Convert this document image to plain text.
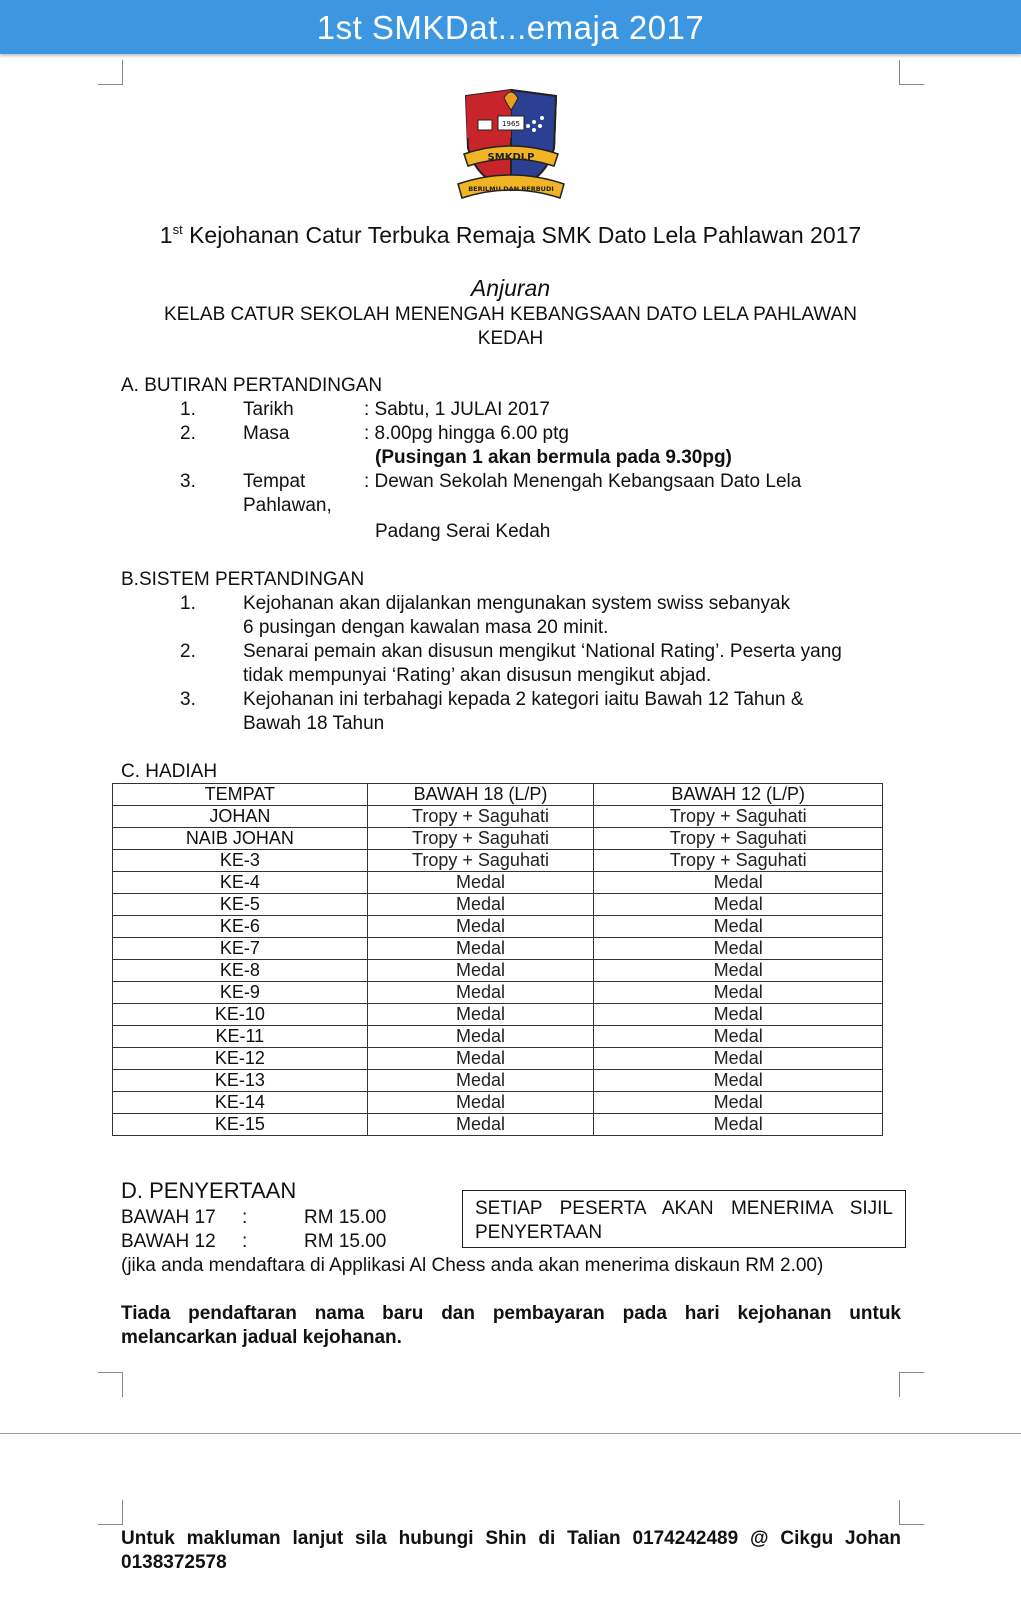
1st SMKDat...emaja 2017
1965
SMKDLP
BERILMU DAN BERBUDI
1st Kejohanan Catur Terbuka Remaja SMK Dato Lela Pahlawan 2017
Anjuran
KELAB CATUR SEKOLAH MENENGAH KEBANGSAAN DATO LELA PAHLAWAN
KEDAH
A. BUTIRAN PERTANDINGAN
1. Tarikh	: Sabtu, 1 JULAI 2017
2. Masa	: 8.00pg hingga 6.00 ptg
(Pusingan 1 akan bermula pada 9.30pg)
3. Tempat	: Dewan Sekolah Menengah Kebangsaan Dato Lela
Pahlawan,
Padang Serai Kedah
B.SISTEM PERTANDINGAN
1. Kejohanan akan dijalankan mengunakan system swiss sebanyak
6 pusingan dengan kawalan masa 20 minit.
2. Senarai pemain akan disusun mengikut ‘National Rating’. Peserta yang
tidak mempunyai ‘Rating’ akan disusun mengikut abjad.
3. Kejohanan ini terbahagi kepada 2 kategori iaitu Bawah 12 Tahun &
Bawah 18 Tahun
C. HADIAH
TEMPAT	BAWAH 18 (L/P)	BAWAH 12 (L/P)
JOHAN	Tropy + Saguhati	Tropy + Saguhati
NAIB JOHAN	Tropy + Saguhati	Tropy + Saguhati
KE-3	Tropy + Saguhati	Tropy + Saguhati
KE-4	Medal	Medal
KE-5	Medal	Medal
KE-6	Medal	Medal
KE-7	Medal	Medal
KE-8	Medal	Medal
KE-9	Medal	Medal
KE-10	Medal	Medal
KE-11	Medal	Medal
KE-12	Medal	Medal
KE-13	Medal	Medal
KE-14	Medal	Medal
KE-15	Medal	Medal
D. PENYERTAAN
BAWAH 17 :	RM 15.00
BAWAH 12 :	RM 15.00
SETIAP PESERTA AKAN MENERIMA SIJIL
PENYERTAAN
(jika anda mendaftara di Applikasi Al Chess anda akan menerima diskaun RM 2.00)
Tiada pendaftaran nama baru dan pembayaran pada hari kejohanan untuk
melancarkan jadual kejohanan.
Untuk makluman lanjut sila hubungi Shin di Talian 0174242489 @ Cikgu Johan
0138372578
